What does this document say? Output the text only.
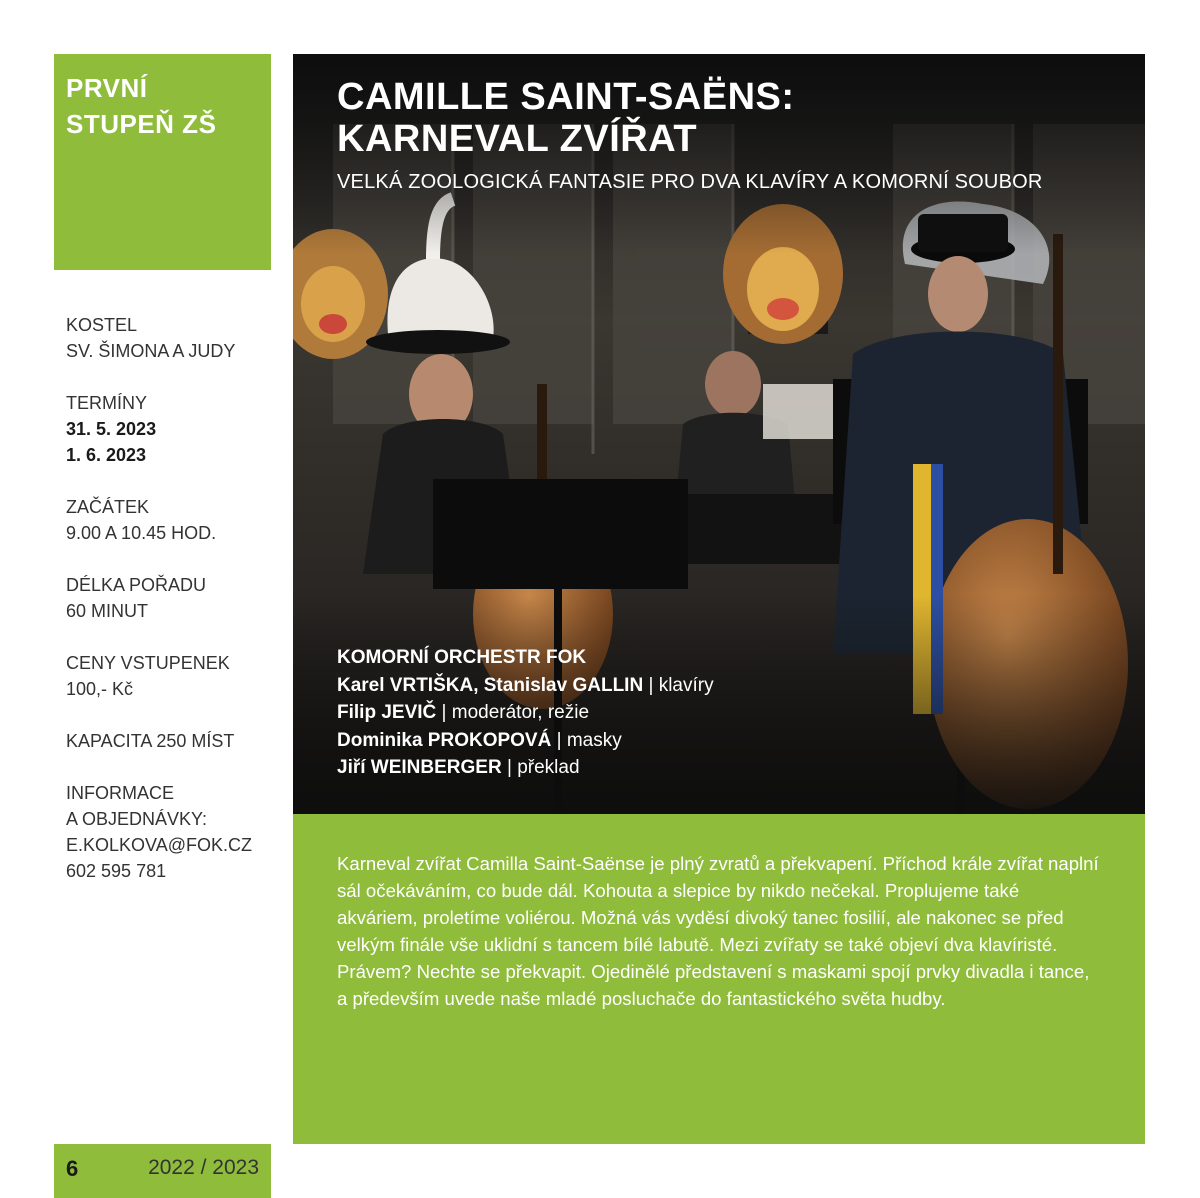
PRVNÍ
STUPEŇ ZŠ
KOSTEL
SV. ŠIMONA A JUDY
TERMÍNY
31. 5. 2023
1. 6. 2023
ZAČÁTEK
9.00 A 10.45 HOD.
DÉLKA POŘADU
60 MINUT
CENY VSTUPENEK
100,- Kč
KAPACITA 250 MÍST
INFORMACE
A OBJEDNÁVKY:
E.KOLKOVA@FOK.CZ
602 595 781
6	2022 / 2023
CAMILLE SAINT-SAËNS:
KARNEVAL ZVÍŘAT
VELKÁ ZOOLOGICKÁ FANTASIE PRO DVA KLAVÍRY A KOMORNÍ SOUBOR
KOMORNÍ ORCHESTR FOK
Karel VRTIŠKA, Stanislav GALLIN | klavíry
Filip JEVIČ | moderátor, režie
Dominika PROKOPOVÁ | masky
Jiří WEINBERGER | překlad

Karneval zvířat Camilla Saint-Saënse je plný zvratů a překvapení. Příchod krále zvířat naplní sál očekáváním, co bude dál. Kohouta a slepice by nikdo nečekal. Proplujeme také akváriem, proletíme voliérou. Možná vás vyděsí divoký tanec fosilií, ale nakonec se před velkým finále vše uklidní s tancem bílé labutě. Mezi zvířaty se také objeví dva klavíristé. Právem? Nechte se překvapit. Ojedinělé představení s maskami spojí prvky divadla i tance, a především uvede naše mladé posluchače do fantastického světa hudby.
